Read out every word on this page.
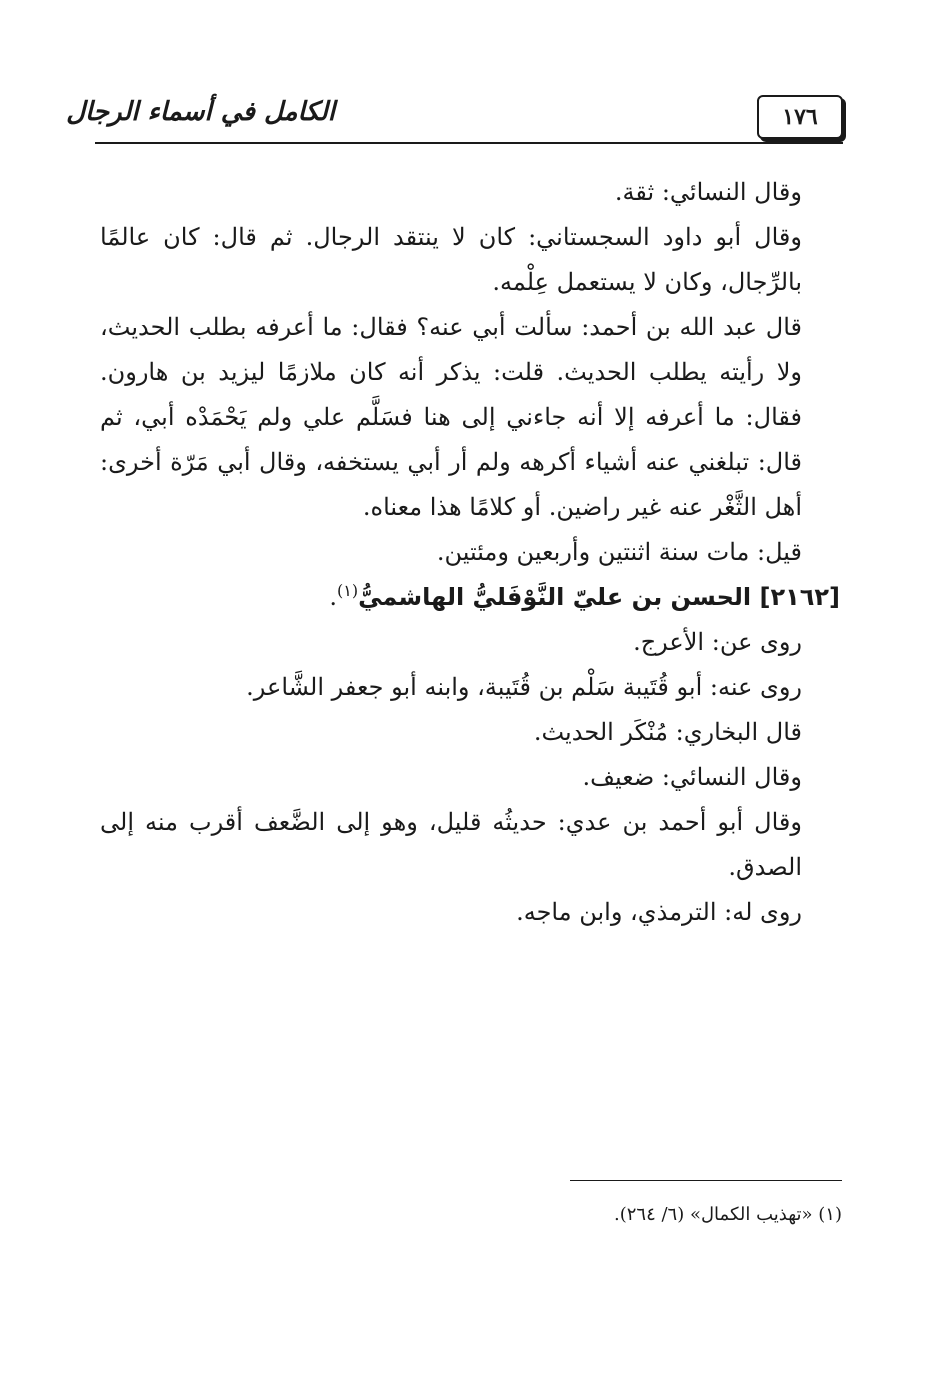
الكامل في أسماء الرجال	١٧٦

وقال النسائي: ثقة.

وقال أبو داود السجستاني: كان لا ينتقد الرجال. ثم قال: كان عالمًا بالرِّجال، وكان لا يستعمل عِلْمه.

قال عبد الله بن أحمد: سألت أبي عنه؟ فقال: ما أعرفه بطلب الحديث، ولا رأيته يطلب الحديث. قلت: يذكر أنه كان ملازمًا ليزيد بن هارون. فقال: ما أعرفه إلا أنه جاءني إلى هنا فسَلَّم علي ولم يَحْمَدْه أبي، ثم قال: تبلغني عنه أشياء أكرهه ولم أر أبي يستخفه، وقال أبي مَرّة أخرى: أهل الثَّغْر عنه غير راضين. أو كلامًا هذا معناه.

قيل: مات سنة اثنتين وأربعين ومئتين.

[٢١٦٢] الحسن بن عليّ النَّوْفَليُّ الهاشميُّ$^{(١)}$.

روى عن: الأعرج.

روى عنه: أبو قُتَيبة سَلْم بن قُتَيبة، وابنه أبو جعفر الشَّاعر.

قال البخاري: مُنْكَر الحديث.

وقال النسائي: ضعيف.

وقال أبو أحمد بن عدي: حديثُه قليل، وهو إلى الضَّعف أقرب منه إلى الصدق.

روى له: الترمذي، وابن ماجه.

(١) «تهذيب الكمال» (٦/ ٢٦٤).
